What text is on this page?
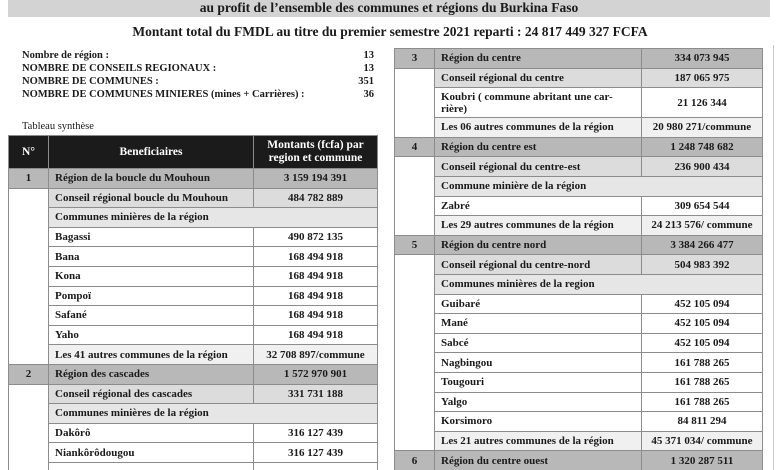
au profit de l’ensemble des communes et régions du Burkina Faso
Montant total du FMDL au titre du premier semestre 2021 reparti : 24 817 449 327 FCFA
Nombre de région :	13
NOMBRE DE CONSEILS REGIONAUX :	13
NOMBRE DE COMMUNES :	351
NOMBRE DE COMMUNES MINIERES (mines + Carrières) :	36
Tableau synthèse
N°	Beneficiaires	Montants (fcfa) par region et commune
1	Région de la boucle du Mouhoun	3 159 194 391
	Conseil régional boucle du Mouhoun	484 782 889
	Communes minières de la région	
	Bagassi	490 872 135
	Bana	168 494 918
	Kona	168 494 918
	Pompoï	168 494 918
	Safané	168 494 918
	Yaho	168 494 918
	Les 41 autres communes de la région	32 708 897/commune
2	Région des cascades	1 572 970 901
	Conseil régional des cascades	331 731 188
	Communes minières de la région	
	Dakôrô	316 127 439
	Niankôrôdougou	316 127 439

3	Région du centre	334 073 945
	Conseil régional du centre	187 065 975
	Koubri ( commune abritant une car-rière)	21 126 344
	Les 06 autres communes de la région	20 980 271/commune
4	Région du centre est	1 248 748 682
	Conseil régional du centre-est	236 900 434
	Commune minière de la région	
	Zabré	309 654 544
	Les 29 autres communes de la région	24 213 576/ commune
5	Région du centre nord	3 384 266 477
	Conseil régional du centre-nord	504 983 392
	Communes minières de la region	
	Guibaré	452 105 094
	Mané	452 105 094
	Sabcé	452 105 094
	Nagbingou	161 788 265
	Tougouri	161 788 265
	Yalgo	161 788 265
	Korsimoro	84 811 294
	Les 21 autres communes de la région	45 371 034/ commune
6	Région du centre ouest	1 320 287 511
